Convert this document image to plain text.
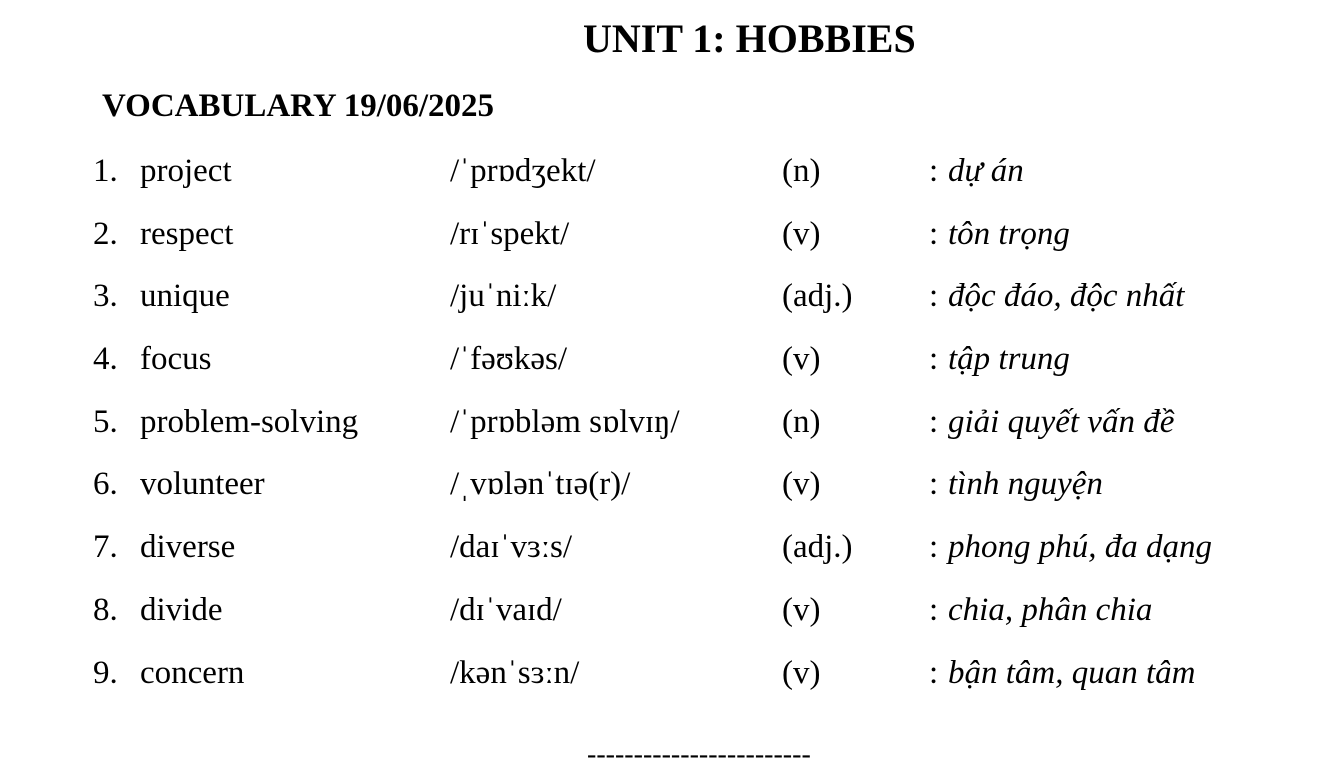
UNIT 1: HOBBIES
VOCABULARY 19/06/2025
1. project	/ˈprɒdʒekt/	(n)	: dự án
2. respect	/rɪˈspekt/	(v)	: tôn trọng
3. unique	/juˈniːk/	(adj.) : độc đáo, độc nhất
4. focus	/ˈfəʊkəs/	(v)	: tập trung
5. problem-solving	/ˈprɒbləm sɒlvɪŋ/	(n)	: giải quyết vấn đề
6. volunteer	/ˌvɒlənˈtɪə(r)/	(v)	: tình nguyện
7. diverse	/daɪˈvɜːs/	(adj.) : phong phú, đa dạng
8. divide	/dɪˈvaɪd/	(v)	: chia, phân chia
9. concern	/kənˈsɜːn/	(v)	: bận tâm, quan tâm
------------------------
